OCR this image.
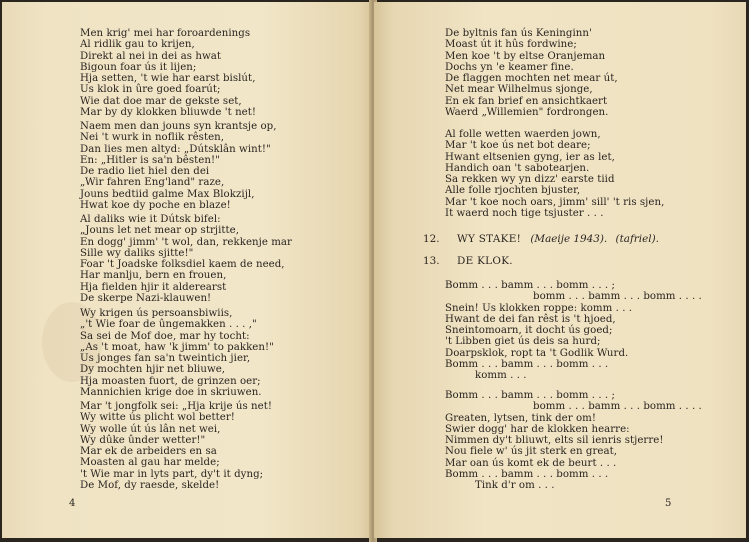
Men krig' mei har foroardenings
Al ridlik gau to krijen,
Direkt al nei in dei as hwat
Bigoun foar ús it lijen;
Hja setten, 't wie har earst bislút,
Us klok in ûre goed foarút;
Wie dat doe mar de gekste set,
Mar by dy klokken bliuwde 't net!
Naem men dan jouns syn krantsje op,
Nei 't wurk in noflik rêsten,
Dan lies men altyd: „Dútsklân wint!"
En: „Hitler is sa'n bêsten!"
De radio liet hiel den dei
„Wir fahren Eng'land" raze,
Jouns bedtiid galme Max Blokzijl,
Hwat koe dy poche en blaze!
Al daliks wie it Dútsk bifel:
„Jouns let net mear op strjitte,
En dogg' jimm' 't wol, dan, rekkenje mar
Sille wy daliks sjitte!"
Foar 't Joadske folksdiel kaem de need,
Har manlju, bern en frouen,
Hja fielden hjir it alderearst
De skerpe Nazi-klauwen!
Wy krigen ús persoansbiwiis,
„'t Wie foar de ûngemakken . . . ,"
Sa sei de Mof doe, mar hy tocht:
„As 't moat, haw 'k jimm' to pakken!"
Us jonges fan sa'n tweintich jier,
Dy mochten hjir net bliuwe,
Hja moasten fuort, de grinzen oer;
Mannichien krige doe in skriuwen.
Mar 't jongfolk sei: „Hja krije ús net!
Wy witte ús plicht wol better!
Wy wolle út ús lân net wei,
Wy dûke ûnder wetter!"
Mar ek de arbeiders en sa
Moasten al gau har melde;
't Wie mar in lyts part, dy't it dyng;
De Mof, dy raesde, skelde!
4
De byltnis fan ús Keninginn'
Moast út it hûs fordwine;
Men koe 't by eltse Oranjeman
Dochs yn 'e keamer fine.
De flaggen mochten net mear út,
Net mear Wilhelmus sjonge,
En ek fan brief en ansichtkaert
Waerd „Willemien" fordrongen.
Al folle wetten waerden jown,
Mar 't koe ús net bot deare;
Hwant eltsenien gyng, ier as let,
Handich oan 't sabotearjen.
Sa rekken wy yn dizz' earste tiid
Alle folle rjochten bjuster,
Mar 't koe noch oars, jimm' sill' 't ris sjen,
It waerd noch tige tsjuster . . .
12. WY STAKE! (Maeije 1943). (tafriel).
13. DE KLOK.
Bomm . . . bamm . . . bomm . . . ;
bomm . . . bamm . . . bomm . . . .
Snein! Us klokken roppe: komm . . .
Hwant de dei fan rêst is 't hjoed,
Sneintomoarn, it docht ús goed;
't Libben giet ús deis sa hurd;
Doarpsklok, ropt ta 't Godlik Wurd.
Bomm . . . bamm . . . bomm . . .
komm . . .
Bomm . . . bamm . . . bomm . . . ;
bomm . . . bamm . . . bomm . . . .
Greaten, lytsen, tink der om!
Swier dogg' har de klokken hearre:
Nimmen dy't bliuwt, elts sil ienris stjerre!
Nou fiele w' ús jit sterk en great,
Mar oan ús komt ek de beurt . . .
Bomm . . . bamm . . . bomm . . .
Tink d'r om . . .
5
